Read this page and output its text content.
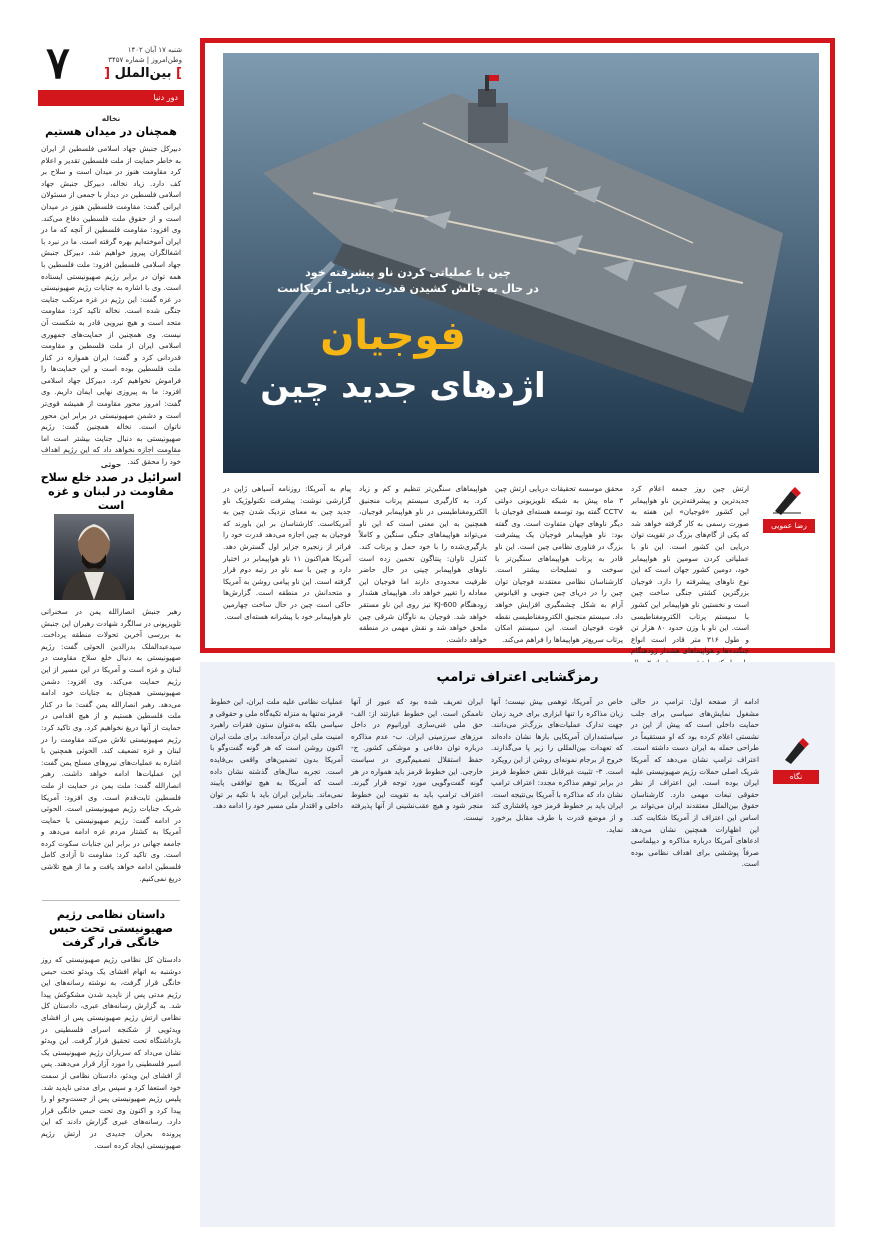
۷	شنبه ۱۷ آبان ۱۴۰۲
وطن‌امروز | شماره ۳۴۵۷
] بین‌الملل [
دور دنیا
نخاله
همچنان در میدان هستیم
دبیرکل جنبش جهاد اسلامی فلسطین از ایران به خاطر حمایت از ملت فلسطین تقدیر و اعلام کرد مقاومت هنوز در میدان است و سلاح بر کف دارد. زیاد نخاله، دبیرکل جنبش جهاد اسلامی فلسطین در دیدار با جمعی از مسئولان ایرانی گفت: مقاومت فلسطین هنوز در میدان است و از حقوق ملت فلسطین دفاع می‌کند. وی افزود: مقاومت فلسطین از آنچه که ما در ایران آموخته‌ایم بهره گرفته است. ما در نبرد با اشغالگران پیروز خواهیم شد. دبیرکل جنبش جهاد اسلامی فلسطین افزود: ملت فلسطین با همه توان در برابر رژیم صهیونیستی ایستاده است. وی با اشاره به جنایات رژیم صهیونیستی در غزه گفت: این رژیم در غزه مرتکب جنایت جنگی شده است. نخاله تاکید کرد: مقاومت متحد است و هیچ نیرویی قادر به شکست آن نیست. وی همچنین از حمایت‌های جمهوری اسلامی ایران از ملت فلسطین و مقاومت قدردانی کرد و گفت: ایران همواره در کنار ملت فلسطین بوده است و این حمایت‌ها را فراموش نخواهیم کرد. دبیرکل جهاد اسلامی افزود: ما به پیروزی نهایی ایمان داریم. وی گفت: امروز محور مقاومت از همیشه قوی‌تر است و دشمن صهیونیستی در برابر این محور ناتوان است. نخاله همچنین گفت: رژیم صهیونیستی به دنبال جنایت بیشتر است اما مقاومت اجازه نخواهد داد که این رژیم اهداف خود را محقق کند.
حوثی
اسرائیل در صدد خلع سلاح مقاومت در لبنان و غزه است
رهبر جنبش انصارالله یمن در سخنرانی تلویزیونی در سالگرد شهادت رهبران این جنبش به بررسی آخرین تحولات منطقه پرداخت. سیدعبدالملک بدرالدین الحوثی گفت: رژیم صهیونیستی به دنبال خلع سلاح مقاومت در لبنان و غزه است و آمریکا در این مسیر از این رژیم حمایت می‌کند. وی افزود: دشمن صهیونیستی همچنان به جنایات خود ادامه می‌دهد. رهبر انصارالله یمن گفت: ما در کنار ملت فلسطین هستیم و از هیچ اقدامی در حمایت از آنها دریغ نخواهیم کرد. وی تاکید کرد: رژیم صهیونیستی تلاش می‌کند مقاومت را در لبنان و غزه تضعیف کند. الحوثی همچنین با اشاره به عملیات‌های نیروهای مسلح یمن گفت: این عملیات‌ها ادامه خواهد داشت. رهبر انصارالله گفت: ملت یمن در حمایت از ملت فلسطین ثابت‌قدم است. وی افزود: آمریکا شریک جنایات رژیم صهیونیستی است. الحوثی در ادامه گفت: رژیم صهیونیستی با حمایت آمریکا به کشتار مردم غزه ادامه می‌دهد و جامعه جهانی در برابر این جنایات سکوت کرده است. وی تاکید کرد: مقاومت تا آزادی کامل فلسطین ادامه خواهد یافت و ما از هیچ تلاشی دریغ نمی‌کنیم.
داستان نظامی رژیم صهیونیستی تحت حبس خانگی قرار گرفت
دادستان کل نظامی رژیم صهیونیستی که روز دوشنبه به اتهام افشای یک ویدئو تحت حبس خانگی قرار گرفت، به نوشته رسانه‌های این رژیم مدتی پس از ناپدید شدن مشکوکش پیدا شد. به گزارش رسانه‌های عبری، دادستان کل نظامی ارتش رژیم صهیونیستی پس از افشای ویدئویی از شکنجه اسرای فلسطینی در بازداشتگاه تحت تحقیق قرار گرفت. این ویدئو نشان می‌داد که سربازان رژیم صهیونیستی یک اسیر فلسطینی را مورد آزار قرار می‌دهند. پس از افشای این ویدئو، دادستان نظامی از سمت خود استعفا کرد و سپس برای مدتی ناپدید شد. پلیس رژیم صهیونیستی پس از جست‌وجو او را پیدا کرد و اکنون وی تحت حبس خانگی قرار دارد. رسانه‌های عبری گزارش دادند که این پرونده بحران جدیدی در ارتش رژیم صهیونیستی ایجاد کرده است.
چین با عملیاتی کردن ناو پیشرفته خود
در حال به چالش کشیدن قدرت دریایی آمریکاست
فوجیان
اژدهای جدید چین
رضا عمویی
ارتش چین روز جمعه اعلام کرد جدیدترین و پیشرفته‌ترین ناو هواپیمابر این کشور «فوجیان» این هفته به صورت رسمی به کار گرفته خواهد شد که یکی از گام‌های بزرگ در تقویت توان دریایی این کشور است. این ناو با عملیاتی کردن سومین ناو هواپیمابر خود، دومین کشور جهان است که این نوع ناوهای پیشرفته را دارد. فوجیان بزرگترین کشتی جنگی ساخت چین است و نخستین ناو هواپیمابر این کشور با سیستم پرتاب الکترومغناطیسی است. این ناو با وزن حدود ۸۰ هزار تن و طول ۳۱۶ متر قادر است انواع جنگنده‌ها و هواپیماهای هشدار زودهنگام
محقق موسسه تحقیقات دریایی ارتش چین ۳ ماه پیش به شبکه تلویزیونی دولتی CCTV گفته بود توسعه هسته‌ای فوجیان با دیگر ناوهای جهان متفاوت است. وی گفته بود: ناو هواپیمابر فوجیان یک پیشرفت بزرگ در فناوری نظامی چین است. این ناو قادر به پرتاب هواپیماهای سنگین‌تر با سوخت و تسلیحات بیشتر است. کارشناسان نظامی معتقدند فوجیان توان چین را در دریای چین جنوبی و اقیانوس آرام به شکل چشمگیری افزایش خواهد داد. سیستم منجنیق الکترومغناطیسی نقطه قوت فوجیان است. این سیستم امکان پرتاب سریع‌تر هواپیماها را فراهم می‌کند.
هواپیماهای سنگین‌تر تنظیم و کم و زیاد کرد. به کارگیری سیستم پرتاب منجنیق الکترومغناطیسی در ناو هواپیمابر فوجیان، همچنین به این معنی است که این ناو می‌تواند هواپیماهای جنگی سنگین و کاملاً بارگیری‌شده را با خود حمل و پرتاب کند. کنترل تاوان: پنتاگون تخمین زده است ناوهای هواپیمابر چینی در حال حاضر ظرفیت محدودی دارند اما فوجیان این معادله را تغییر خواهد داد. هواپیمای هشدار زودهنگام KJ-600 نیز روی این ناو مستقر خواهد شد. فوجیان به ناوگان شرقی چین ملحق خواهد شد و نقش مهمی در منطقه خواهد داشت.
پیام به آمریکا: روزنامه آسیاهی ژاپن در گزارشی نوشت: پیشرفت تکنولوژیک ناو جدید چین به معنای نزدیک شدن چین به آمریکاست. کارشناسان بر این باورند که فوجیان به چین اجازه می‌دهد قدرت خود را فراتر از زنجیره جزایر اول گسترش دهد. آمریکا هم‌اکنون ۱۱ ناو هواپیمابر در اختیار دارد و چین با سه ناو در رتبه دوم قرار گرفته است. این ناو پیامی روشن به آمریکا و متحدانش در منطقه است. گزارش‌ها حاکی است چین در حال ساخت چهارمین ناو هواپیمابر خود با پیشرانه هسته‌ای است.
رمزگشایی اعتراف ترامپ
نگاه
ادامه از صفحه اول: ترامپ در حالی مشغول نمایش‌های سیاسی برای جلب حمایت داخلی است که پیش از این در نشستی اعلام کرده بود که او مستقیماً در طراحی حمله به ایران دست داشته است. اعتراف ترامپ نشان می‌دهد که آمریکا شریک اصلی حملات رژیم صهیونیستی علیه ایران بوده است. این اعتراف از نظر حقوقی تبعات مهمی دارد. کارشناسان حقوق بین‌الملل معتقدند ایران می‌تواند بر اساس این اعتراف از آمریکا شکایت کند. این اظهارات همچنین نشان می‌دهد ادعاهای آمریکا درباره مذاکره و دیپلماسی صرفاً پوششی برای اهداف نظامی بوده است.
خاص در آمریکا، توهمی بیش نیست؛ آنها زبان مذاکره را تنها ابزاری برای خرید زمان جهت تدارک عملیات‌های بزرگ‌تر می‌دانند. سیاستمداران آمریکایی بارها نشان داده‌اند که تعهدات بین‌المللی را زیر پا می‌گذارند. خروج از برجام نمونه‌ای روشن از این رویکرد است. ۳- تثبیت غیرقابل نقض خطوط قرمز در برابر توهم مذاکره مجدد: اعتراف ترامپ نشان داد که مذاکره با آمریکا بی‌نتیجه است. ایران باید بر خطوط قرمز خود پافشاری کند و از موضع قدرت با طرف مقابل برخورد نماید.
ایران تعریف شده بود که عبور از آنها ناممکن است. این خطوط عبارتند از: الف- حق ملی غنی‌سازی اورانیوم در داخل مرزهای سرزمینی ایران. ب- عدم مذاکره درباره توان دفاعی و موشکی کشور. ج- حفظ استقلال تصمیم‌گیری در سیاست خارجی. این خطوط قرمز باید همواره در هر گونه گفت‌وگویی مورد توجه قرار گیرند. اعتراف ترامپ باید به تقویت این خطوط منجر شود و هیچ عقب‌نشینی از آنها پذیرفته نیست.
عملیات نظامی علیه ملت ایران، این خطوط قرمز نه‌تنها به منزله تکیه‌گاه ملی و حقوقی و سیاسی بلکه به‌عنوان ستون فقرات راهبرد امنیت ملی ایران درآمده‌اند. برای ملت ایران اکنون روشن است که هر گونه گفت‌وگو با آمریکا بدون تضمین‌های واقعی بی‌فایده است. تجربه سال‌های گذشته نشان داده است که آمریکا به هیچ توافقی پایبند نمی‌ماند. بنابراین ایران باید با تکیه بر توان داخلی و اقتدار ملی مسیر خود را ادامه دهد.
